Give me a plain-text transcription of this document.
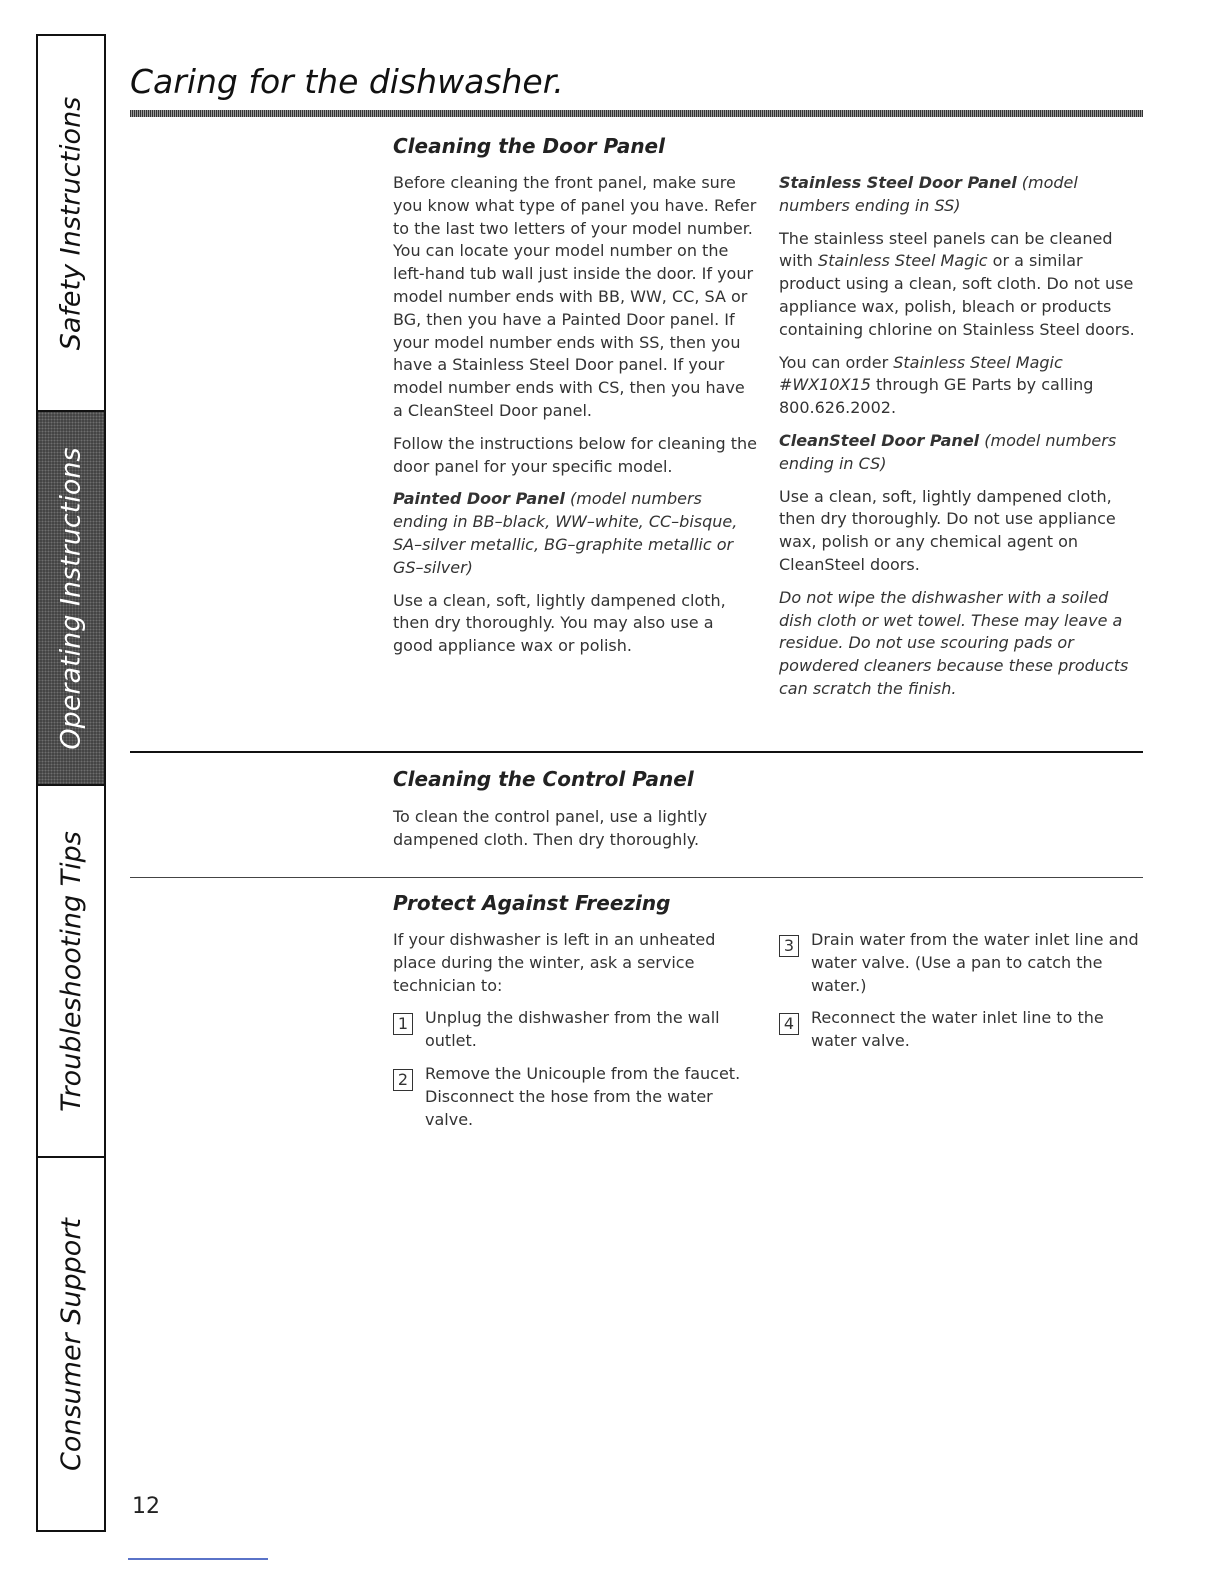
Safety Instructions
Operating Instructions
Troubleshooting Tips
Consumer Support
Caring for the dishwasher.
Cleaning the Door Panel

Before cleaning the front panel, make sure you know what type of panel you have. Refer to the last two letters of your model number. You can locate your model number on the left-hand tub wall just inside the door. If your model number ends with BB, WW, CC, SA or BG, then you have a Painted Door panel. If your model number ends with SS, then you have a Stainless Steel Door panel. If your model number ends with CS, then you have a CleanSteel Door panel.

Follow the instructions below for cleaning the door panel for your specific model.

Painted Door Panel (model numbers ending in BB–black, WW–white, CC–bisque, SA–silver metallic, BG–graphite metallic or GS–silver)

Use a clean, soft, lightly dampened cloth, then dry thoroughly. You may also use a good appliance wax or polish.

Stainless Steel Door Panel (model numbers ending in SS)

The stainless steel panels can be cleaned with Stainless Steel Magic or a similar product using a clean, soft cloth. Do not use appliance wax, polish, bleach or products containing chlorine on Stainless Steel doors.

You can order Stainless Steel Magic #WX10X15 through GE Parts by calling 800.626.2002.

CleanSteel Door Panel (model numbers ending in CS)

Use a clean, soft, lightly dampened cloth, then dry thoroughly. Do not use appliance wax, polish or any chemical agent on CleanSteel doors.

Do not wipe the dishwasher with a soiled dish cloth or wet towel. These may leave a residue. Do not use scouring pads or powdered cleaners because these products can scratch the finish.

Cleaning the Control Panel

To clean the control panel, use a lightly dampened cloth. Then dry thoroughly.

Protect Against Freezing

If your dishwasher is left in an unheated place during the winter, ask a service technician to:

1	Unplug the dishwasher from the wall outlet.
2	Remove the Unicouple from the faucet. Disconnect the hose from the water valve.
3	Drain water from the water inlet line and water valve. (Use a pan to catch the water.)
4	Reconnect the water inlet line to the water valve.
12
